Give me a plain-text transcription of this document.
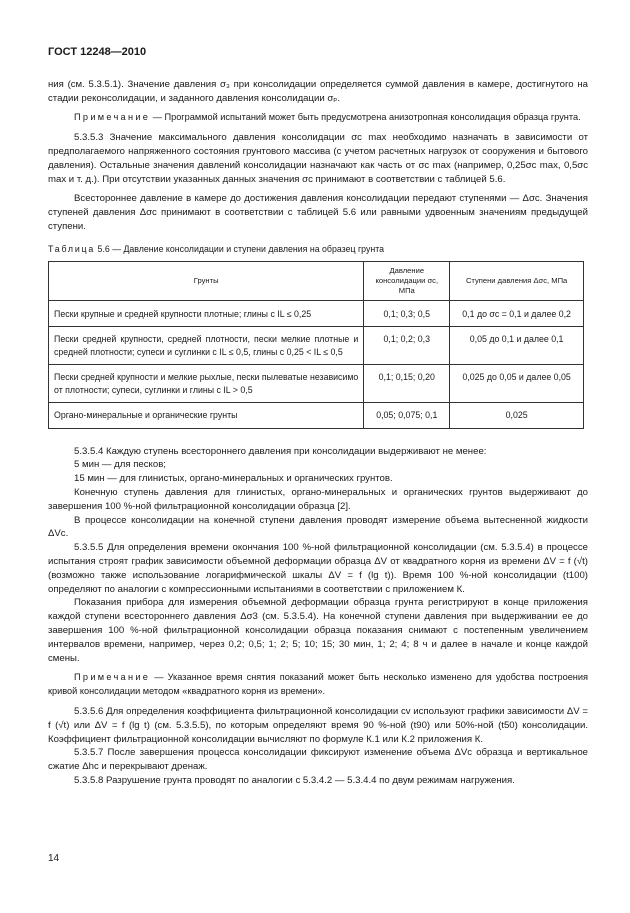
ГОСТ 12248—2010

ния (см. 5.3.5.1). Значение давления σ₃ при консолидации определяется суммой давления в камере, достигнутого на стадии реконсолидации, и заданного давления консолидации σₚ.

Примечание — Программой испытаний может быть предусмотрена анизотропная консолидация образца грунта.

5.3.5.3 Значение максимального давления консолидации σc max необходимо назначать в зависимости от предполагаемого напряженного состояния грунтового массива (с учетом расчетных нагрузок от сооружения и бытового давления). Остальные значения давлений консолидации назначают как часть от σc max (например, 0,25σc max, 0,5σc max и т. д.). При отсутствии указанных данных значения σc принимают в соответствии с таблицей 5.6.

Всестороннее давление в камере до достижения давления консолидации передают ступенями — Δσc. Значения ступеней давления Δσc принимают в соответствии с таблицей 5.6 или равными удвоенным значениям предыдущей ступени.

Таблица 5.6 — Давление консолидации и ступени давления на образец грунта
Грунты	Давление консолидации σc, МПа	Ступени давления Δσc, МПа
Пески крупные и средней крупности плотные; глины с IL ≤ 0,25	0,1; 0,3; 0,5	0,1 до σc = 0,1 и далее 0,2
Пески средней крупности, средней плотности, пески мелкие плотные и средней плотности; супеси и суглинки с IL ≤ 0,5, глины с 0,25 < IL ≤ 0,5	0,1; 0,2; 0,3	0,05 до 0,1 и далее 0,1
Пески средней крупности и мелкие рыхлые, пески пылеватые независимо от плотности; супеси, суглинки и глины с IL > 0,5	0,1; 0,15; 0,20	0,025 до 0,05 и далее 0,05
Органо-минеральные и органические грунты	0,05; 0,075; 0,1	0,025

5.3.5.4 Каждую ступень всестороннего давления при консолидации выдерживают не менее:

5 мин — для песков;

15 мин — для глинистых, органо-минеральных и органических грунтов.

Конечную ступень давления для глинистых, органо-минеральных и органических грунтов выдерживают до завершения 100 %-ной фильтрационной консолидации образца [2].

В процессе консолидации на конечной ступени давления проводят измерение объема вытесненной жидкости ΔVc.

5.3.5.5 Для определения времени окончания 100 %-ной фильтрационной консолидации (см. 5.3.5.4) в процессе испытания строят график зависимости объемной деформации образца ΔV от квадратного корня из времени ΔV = f (√t) (возможно также использование логарифмической шкалы ΔV = f (lg t)). Время 100 %-ной консолидации (t100) определяют по аналогии с компрессионными испытаниями в соответствии с приложением К.

Показания прибора для измерения объемной деформации образца грунта регистрируют в конце приложения каждой ступени всестороннего давления Δσ3 (см. 5.3.5.4). На конечной ступени давления при выдерживании ее до завершения 100 %-ной фильтрационной консолидации образца показания снимают с постепенным увеличением интервалов времени, например, через 0,2; 0,5; 1; 2; 5; 10; 15; 30 мин, 1; 2; 4; 8 ч и далее в начале и конце каждой смены.

Примечание — Указанное время снятия показаний может быть несколько изменено для удобства построения кривой консолидации методом «квадратного корня из времени».

5.3.5.6 Для определения коэффициента фильтрационной консолидации cv используют графики зависимости ΔV = f (√t) или ΔV = f (lg t) (см. 5.3.5.5), по которым определяют время 90 %-ной (t90) или 50%-ной (t50) консолидации. Коэффициент фильтрационной консолидации вычисляют по формуле К.1 или К.2 приложения К.

5.3.5.7 После завершения процесса консолидации фиксируют изменение объема ΔVc образца и вертикальное сжатие Δhc и перекрывают дренаж.

5.3.5.8 Разрушение грунта проводят по аналогии с 5.3.4.2 — 5.3.4.4 по двум режимам нагружения.

14
